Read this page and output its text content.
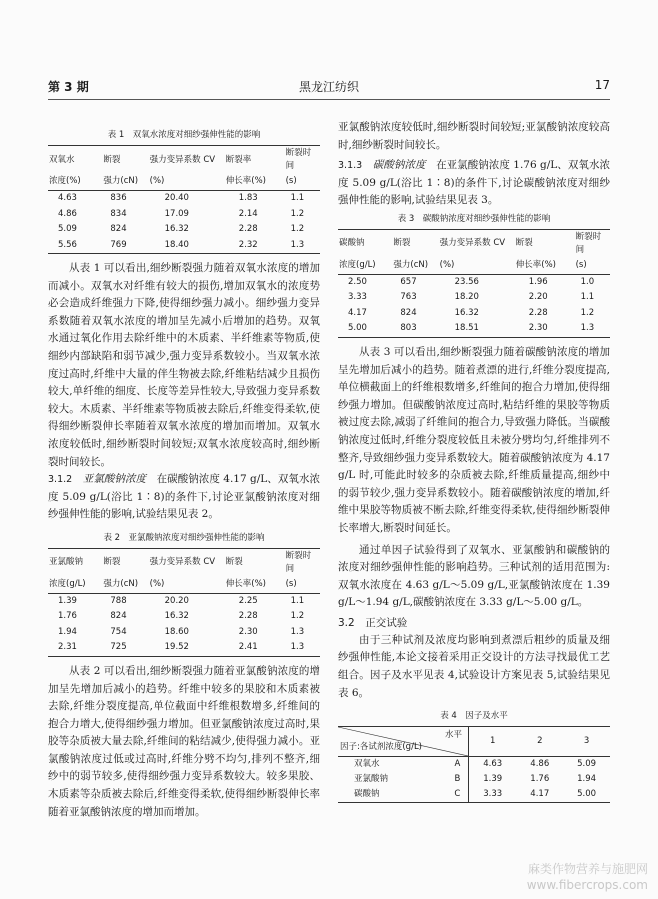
第 3 期	黑龙江纺织	17
表 1　双氧水浓度对细纱强伸性能的影响
双氧水	断裂	强力变异系数 CV	断裂率	断裂时间
浓度(%)	强力(cN)	(%)	伸长率(%)	(s)
4.63	836	20.40	1.83	1.1
4.86	834	17.09	2.14	1.2
5.09	824	16.32	2.28	1.2
5.56	769	18.40	2.32	1.3

从表 1 可以看出,细纱断裂强力随着双氧水浓度的增加而减小。双氧水对纤维有较大的损伤,增加双氧水的浓度势必会造成纤维强力下降,使得细纱强力减小。细纱强力变异系数随着双氧水浓度的增加呈先减小后增加的趋势。双氧水通过氧化作用去除纤维中的木质素、半纤维素等物质,使细纱内部缺陷和弱节减少,强力变异系数较小。当双氧水浓度过高时,纤维中大量的伴生物被去除,纤维粘结减少且损伤较大,单纤维的细度、长度等差异性较大,导致强力变异系数较大。木质素、半纤维素等物质被去除后,纤维变得柔软,使得细纱断裂伸长率随着双氧水浓度的增加而增加。双氧水浓度较低时,细纱断裂时间较短;双氧水浓度较高时,细纱断裂时间较长。

3.1.2　 亚氯酸钠浓度　 在碳酸钠浓度 4.17 g/L、双氧水浓度 5.09 g/L(浴比 1∶8)的条件下,讨论亚氯酸钠浓度对细纱强伸性能的影响,试验结果见表 2。
表 2　亚氯酸钠浓度对细纱强伸性能的影响
亚氯酸钠	断裂	强力变异系数 CV	断裂	断裂时间
浓度(g/L)	强力(cN)	(%)	伸长率(%)	(s)
1.39	788	20.20	2.25	1.1
1.76	824	16.32	2.28	1.2
1.94	754	18.60	2.30	1.3
2.31	725	19.52	2.41	1.3

从表 2 可以看出,细纱断裂强力随着亚氯酸钠浓度的增加呈先增加后减小的趋势。纤维中较多的果胶和木质素被去除,纤维分裂度提高,单位截面中纤维根数增多,纤维间的抱合力增大,使得细纱强力增加。但亚氯酸钠浓度过高时,果胶等杂质被大量去除,纤维间的粘结减少,使得强力减小。亚氯酸钠浓度过低或过高时,纤维分劈不均匀,排列不整齐,细纱中的弱节较多,使得细纱强力变异系数较大。较多果胶、木质素等杂质被去除后,纤维变得柔软,使得细纱断裂伸长率随着亚氯酸钠浓度的增加而增加。

亚氯酸钠浓度较低时,细纱断裂时间较短;亚氯酸钠浓度较高时,细纱断裂时间较长。

3.1.3　 碳酸钠浓度　 在亚氯酸钠浓度 1.76 g/L、双氧水浓度 5.09 g/L(浴比 1∶8)的条件下,讨论碳酸钠浓度对细纱强伸性能的影响,试验结果见表 3。
表 3　碳酸钠浓度对细纱强伸性能的影响
碳酸钠	断裂	强力变异系数 CV	断裂	断裂时间
浓度(g/L)	强力(cN)	(%)	伸长率(%)	(s)
2.50	657	23.56	1.96	1.0
3.33	763	18.20	2.20	1.1
4.17	824	16.32	2.28	1.2
5.00	803	18.51	2.30	1.3

从表 3 可以看出,细纱断裂强力随着碳酸钠浓度的增加呈先增加后减小的趋势。随着煮漂的进行,纤维分裂度提高,单位横截面上的纤维根数增多,纤维间的抱合力增加,使得细纱强力增加。但碳酸钠浓度过高时,粘结纤维的果胶等物质被过度去除,减弱了纤维间的抱合力,导致强力降低。当碳酸钠浓度过低时,纤维分裂度较低且未被分劈均匀,纤维排列不整齐,导致细纱强力变异系数较大。随着碳酸钠浓度为 4.17 g/L 时,可能此时较多的杂质被去除,纤维质量提高,细纱中的弱节较少,强力变异系数较小。随着碳酸钠浓度的增加,纤维中果胶等物质被不断去除,纤维变得柔软,使得细纱断裂伸长率增大,断裂时间延长。

通过单因子试验得到了双氧水、亚氯酸钠和碳酸钠的浓度对细纱强伸性能的影响趋势。三种试剂的适用范围为:双氧水浓度在 4.63 g/L～5.09 g/L,亚氯酸钠浓度在 1.39 g/L～1.94 g/L,碳酸钠浓度在 3.33 g/L～5.00 g/L。

3.2　正交试验

由于三种试剂及浓度均影响到煮漂后粗纱的质量及细纱强伸性能,本论文接着采用正交设计的方法寻找最优工艺组合。因子及水平见表 4,试验设计方案见表 5,试验结果见表 6。

表 4　因子及水平
水平
因子:各试剂浓度(g/L)		1	2	3
双氧水	A	4.63	4.86	5.09
亚氯酸钠	B	1.39	1.76	1.94
碳酸钠	C	3.33	4.17	5.00
麻类作物营养与施肥网
www.fibercrops.com
